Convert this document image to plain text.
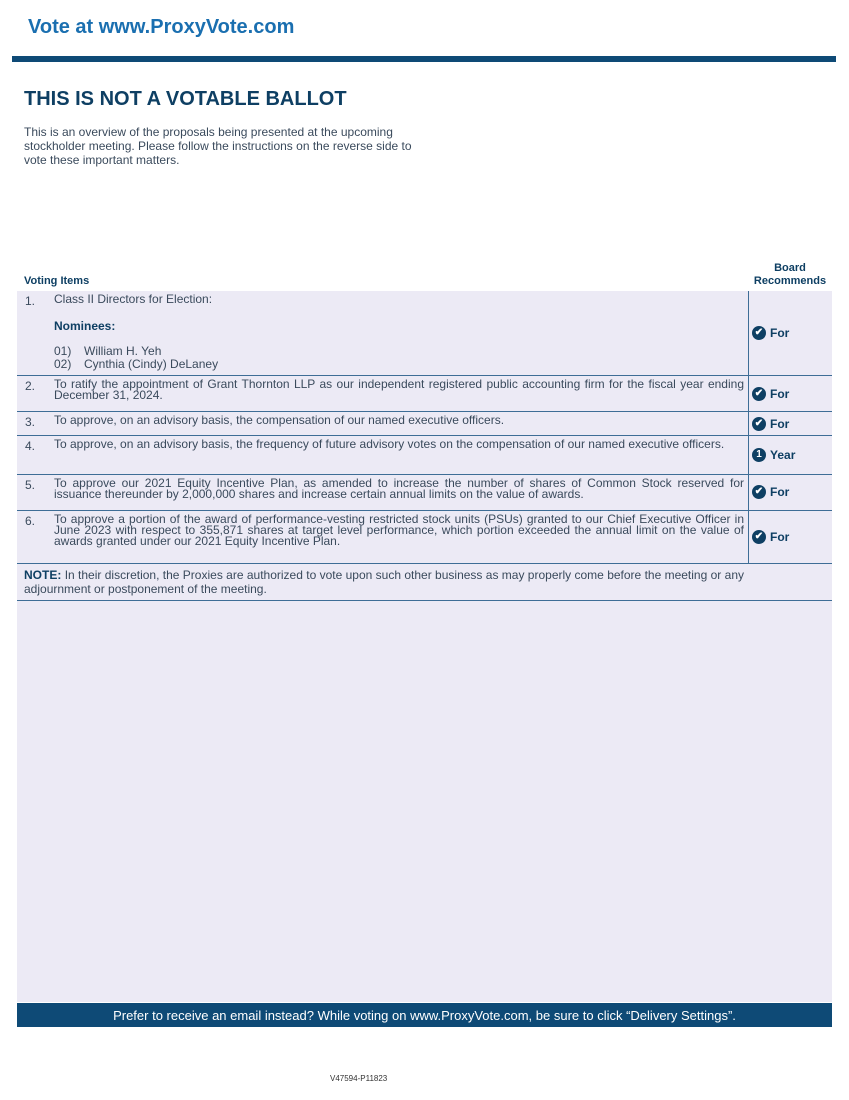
Vote at www.ProxyVote.com
THIS IS NOT A VOTABLE BALLOT
This is an overview of the proposals being presented at the upcoming stockholder meeting. Please follow the instructions on the reverse side to vote these important matters.
Voting Items
Board
Recommends
1. Class II Directors for Election:
Nominees:
01) William H. Yeh
02) Cynthia (Cindy) DeLaney
2. To ratify the appointment of Grant Thornton LLP as our independent registered public accounting firm for the fiscal year ending December 31, 2024.
3. To approve, on an advisory basis, the compensation of our named executive officers.
4. To approve, on an advisory basis, the frequency of future advisory votes on the compensation of our named executive officers.
5. To approve our 2021 Equity Incentive Plan, as amended to increase the number of shares of Common Stock reserved for issuance thereunder by 2,000,000 shares and increase certain annual limits on the value of awards.
6. To approve a portion of the award of performance-vesting restricted stock units (PSUs) granted to our Chief Executive Officer in June 2023 with respect to 355,871 shares at target level performance, which portion exceeded the annual limit on the value of awards granted under our 2021 Equity Incentive Plan.
✔ For
✔ For
✔ For
1 Year
✔ For
✔ For
NOTE: In their discretion, the Proxies are authorized to vote upon such other business as may properly come before the meeting or any adjournment or postponement of the meeting.
Prefer to receive an email instead? While voting on www.ProxyVote.com, be sure to click “Delivery Settings”.
V47594-P11823
